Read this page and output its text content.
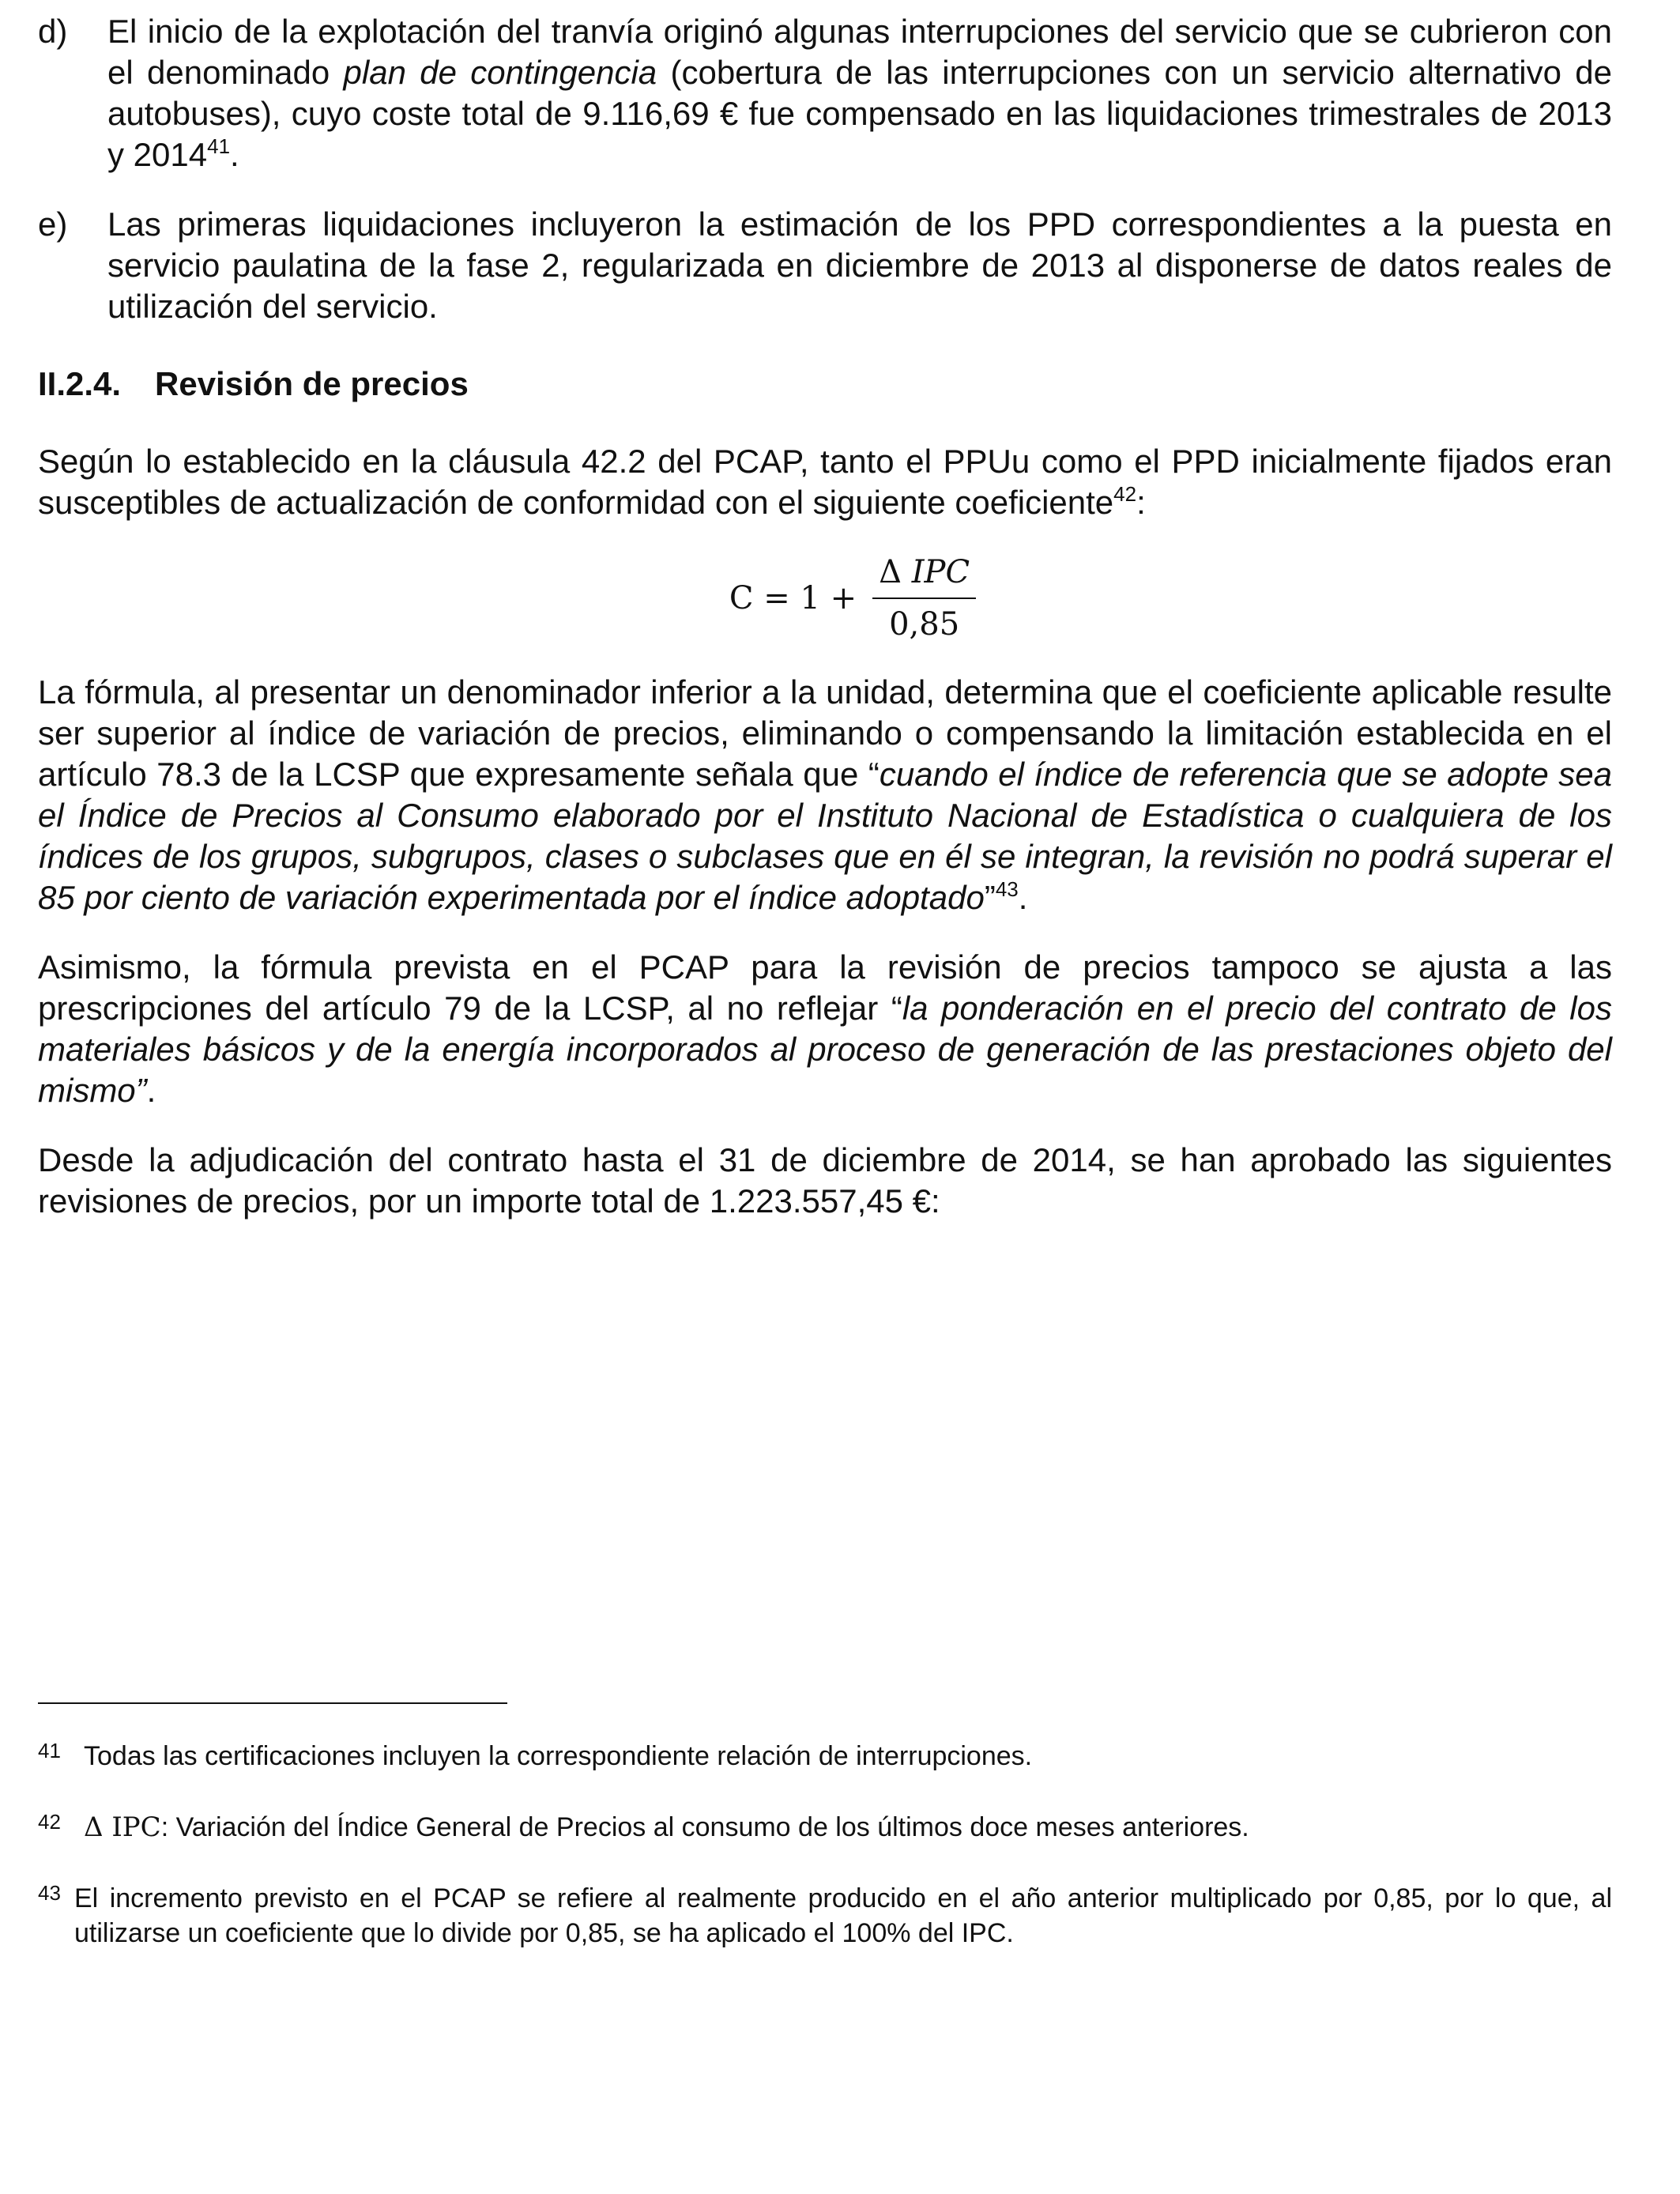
d)	El inicio de la explotación del tranvía originó algunas interrupciones del servicio que se cubrieron con el denominado plan de contingencia (cobertura de las interrupciones con un servicio alternativo de autobuses), cuyo coste total de 9.116,69 € fue compensado en las liquidaciones trimestrales de 2013 y 2014$^{41}$.
e)	Las primeras liquidaciones incluyeron la estimación de los PPD correspondientes a la puesta en servicio paulatina de la fase 2, regularizada en diciembre de 2013 al disponerse de datos reales de utilización del servicio.
II.2.4.	Revisión de precios

Según lo establecido en la cláusula 42.2 del PCAP, tanto el PPUu como el PPD inicialmente fijados eran susceptibles de actualización de conformidad con el siguiente coeficiente$^{42}$:

$C = 1 + \frac{\text{Δ IPC}}{0,85}$

La fórmula, al presentar un denominador inferior a la unidad, determina que el coeficiente aplicable resulte ser superior al índice de variación de precios, eliminando o compensando la limitación establecida en el artículo 78.3 de la LCSP que expresamente señala que “cuando el índice de referencia que se adopte sea el Índice de Precios al Consumo elaborado por el Instituto Nacional de Estadística o cualquiera de los índices de los grupos, subgrupos, clases o subclases que en él se integran, la revisión no podrá superar el 85 por ciento de variación experimentada por el índice adoptado”$^{43}$.

Asimismo, la fórmula prevista en el PCAP para la revisión de precios tampoco se ajusta a las prescripciones del artículo 79 de la LCSP, al no reflejar “la ponderación en el precio del contrato de los materiales básicos y de la energía incorporados al proceso de generación de las prestaciones objeto del mismo”.

Desde la adjudicación del contrato hasta el 31 de diciembre de 2014, se han aprobado las siguientes revisiones de precios, por un importe total de 1.223.557,45 €:

41 Todas las certificaciones incluyen la correspondiente relación de interrupciones.
42 Δ IPC: Variación del Índice General de Precios al consumo de los últimos doce meses anteriores.
43 El incremento previsto en el PCAP se refiere al realmente producido en el año anterior multiplicado por 0,85, por lo que, al utilizarse un coeficiente que lo divide por 0,85, se ha aplicado el 100% del IPC.
